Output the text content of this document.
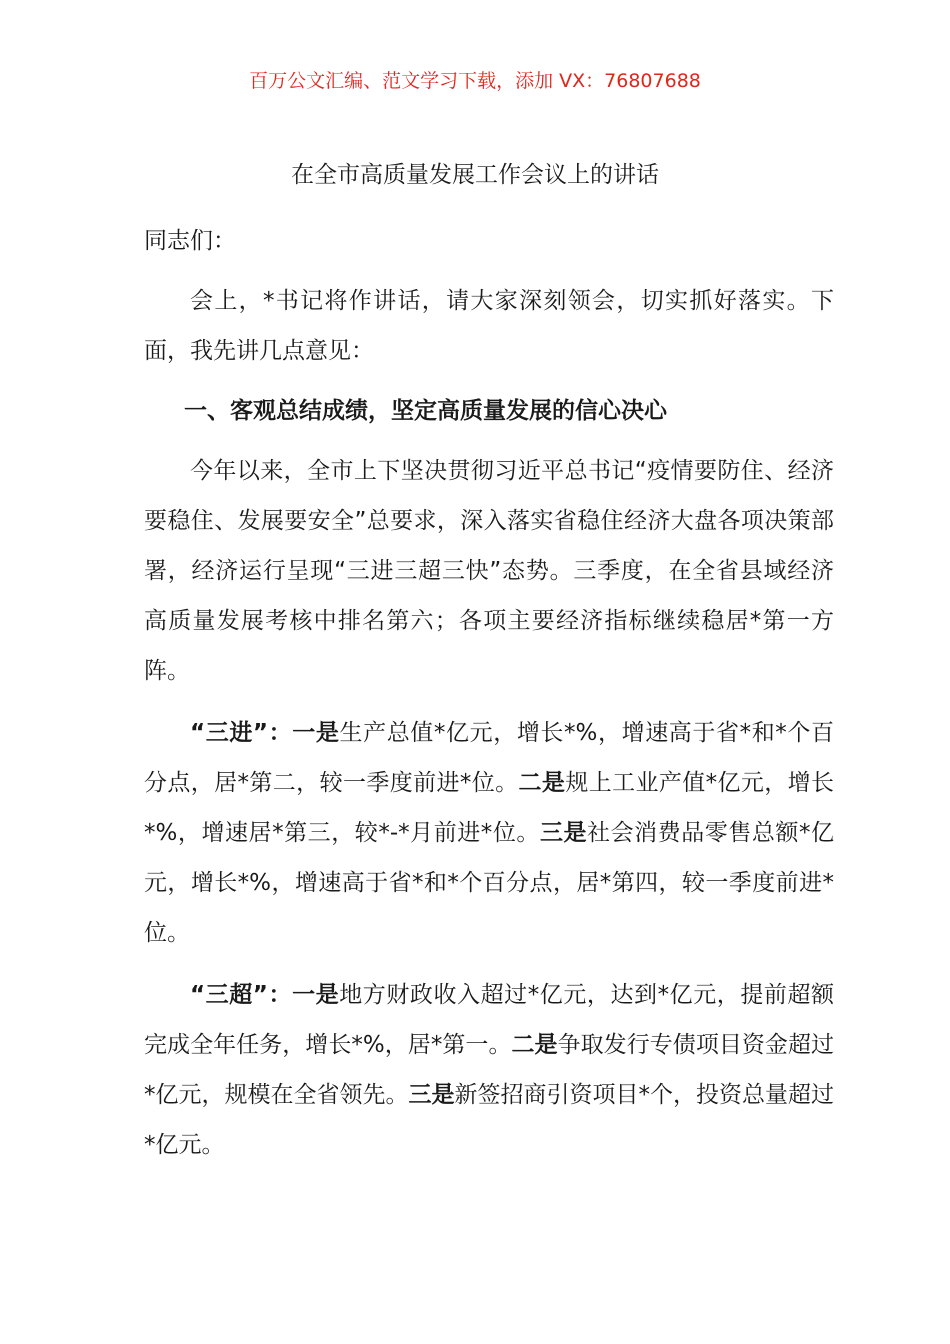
百万公文汇编、范文学习下载，添加 VX：76807688
在全市高质量发展工作会议上的讲话

同志们：

会上，*书记将作讲话，请大家深刻领会，切实抓好落实。下面，我先讲几点意见：

一、客观总结成绩，坚定高质量发展的信心决心

今年以来，全市上下坚决贯彻习近平总书记“疫情要防住、经济要稳住、发展要安全”总要求，深入落实省稳住经济大盘各项决策部署，经济运行呈现“三进三超三快”态势。三季度，在全省县域经济高质量发展考核中排名第六；各项主要经济指标继续稳居*第一方阵。

“三进”：一是生产总值*亿元，增长*%，增速高于省*和*个百分点，居*第二，较一季度前进*位。二是规上工业产值*亿元，增长*%，增速居*第三，较*-*月前进*位。三是社会消费品零售总额*亿元，增长*%，增速高于省*和*个百分点，居*第四，较一季度前进*位。

“三超”：一是地方财政收入超过*亿元，达到*亿元，提前超额完成全年任务，增长*%，居*第一。二是争取发行专债项目资金超过*亿元，规模在全省领先。三是新签招商引资项目*个，投资总量超过*亿元。
